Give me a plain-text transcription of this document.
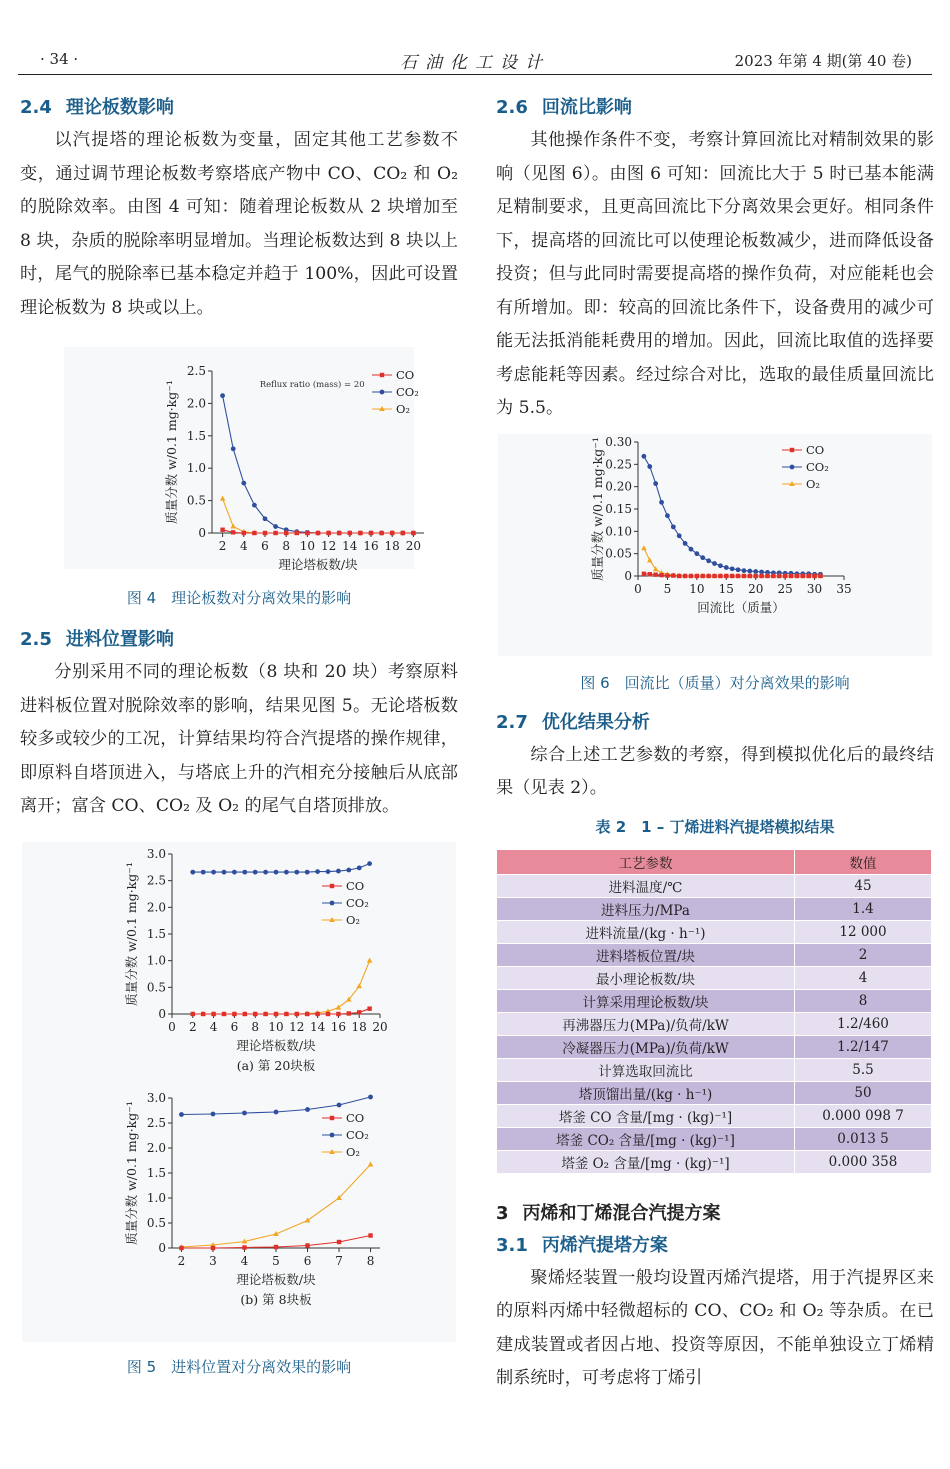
· 34 ·	石油化工设计	2023 年第 4 期(第 40 卷)
2.4 理论板数影响

以汽提塔的理论板数为变量，固定其他工艺参数不变，通过调节理论板数考察塔底产物中 CO、CO₂ 和 O₂ 的脱除效率。由图 4 可知：随着理论板数从 2 块增加至 8 块，杂质的脱除率明显增加。当理论板数达到 8 块以上时，尾气的脱除率已基本稳定并趋于 100%，因此可设置理论板数为 8 块或以上。

2 4 6 8 10 12 14 16 18 20
0
0.5
1.0
1.5
2.0
2.5
理论塔板数/块
质量分数 w/0.1 mg·kg⁻¹	Reflux ratio (mass) = 20
CO
CO₂
O₂
图 4　理论板数对分离效果的影响
2.5 进料位置影响

分别采用不同的理论板数（8 块和 20 块）考察原料进料板位置对脱除效率的影响，结果见图 5。无论塔板数较多或较少的工况，计算结果均符合汽提塔的操作规律，即原料自塔顶进入，与塔底上升的汽相充分接触后从底部离开；富含 CO、CO₂ 及 O₂ 的尾气自塔顶排放。

0 2 4 6 8 10 12 14 16 18 20
0
0.5
1.0
1.5
2.0
2.5
3.0
理论塔板数/块
质量分数 w/0.1 mg·kg⁻¹
(a) 第 20块板
CO
CO₂
O₂
2 3 4 5 6 7 8
0
0.5
1.0
1.5
2.0
2.5
3.0
理论塔板数/块
质量分数 w/0.1 mg·kg⁻¹
(b) 第 8块板
CO
CO₂
O₂
图 5　进料位置对分离效果的影响
2.6 回流比影响

其他操作条件不变，考察计算回流比对精制效果的影响（见图 6）。由图 6 可知：回流比大于 5 时已基本能满足精制要求，且更高回流比下分离效果会更好。相同条件下，提高塔的回流比可以使理论板数减少，进而降低设备投资；但与此同时需要提高塔的操作负荷，对应能耗也会有所增加。即：较高的回流比条件下，设备费用的减少可能无法抵消能耗费用的增加。因此，回流比取值的选择要考虑能耗等因素。经过综合对比，选取的最佳质量回流比为 5.5。

0 5 10 15 20 25 30 35
0
0.05
0.10
0.15
0.20
0.25
0.30
回流比（质量）
质量分数 w/0.1 mg·kg⁻¹	CO
CO₂
O₂
图 6　回流比（质量）对分离效果的影响
2.7 优化结果分析

综合上述工艺参数的考察，得到模拟优化后的最终结果（见表 2）。

表 2　1 – 丁烯进料汽提塔模拟结果
工艺参数	数值
进料温度/℃	45
进料压力/MPa	1.4
进料流量/(kg · h⁻¹)	12 000
进料塔板位置/块	2
最小理论板数/块	4
计算采用理论板数/块	8
再沸器压力(MPa)/负荷/kW	1.2/460
冷凝器压力(MPa)/负荷/kW	1.2/147
计算选取回流比	5.5
塔顶馏出量/(kg · h⁻¹)	50
塔釜 CO 含量/[mg · (kg)⁻¹]	0.000 098 7
塔釜 CO₂ 含量/[mg · (kg)⁻¹]	0.013 5
塔釜 O₂ 含量/[mg · (kg)⁻¹]	0.000 358
3 丙烯和丁烯混合汽提方案
3.1 丙烯汽提塔方案

聚烯烃装置一般均设置丙烯汽提塔，用于汽提界区来的原料丙烯中轻微超标的 CO、CO₂ 和 O₂ 等杂质。在已建成装置或者因占地、投资等原因，不能单独设立丁烯精制系统时，可考虑将丁烯引
